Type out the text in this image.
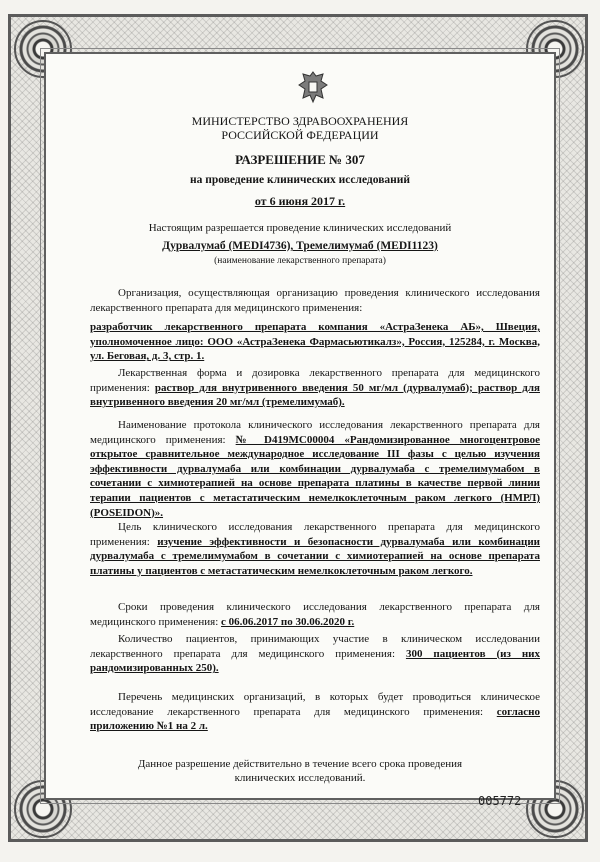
МИНИСТЕРСТВО ЗДРАВООХРАНЕНИЯ
РОССИЙСКОЙ ФЕДЕРАЦИИ
РАЗРЕШЕНИЕ № 307
на проведение клинических исследований
от 6 июня 2017 г.
Настоящим разрешается проведение клинических исследований
Дурвалумаб (MEDI4736), Тремелимумаб (MEDI1123)
(наименование лекарственного препарата)
Организация, осуществляющая организацию проведения клинического исследования лекарственного препарата для медицинского применения:
разработчик лекарственного препарата компания «АстраЗенека АБ», Швеция, уполномоченное лицо: ООО «АстраЗенека Фармасьютикалз», Россия, 125284, г. Москва, ул. Беговая, д. 3, стр. 1.
Лекарственная форма и дозировка лекарственного препарата для медицинского применения: раствор для внутривенного введения 50 мг/мл (дурвалумаб); раствор для внутривенного введения 20 мг/мл (тремелимумаб).
Наименование протокола клинического исследования лекарственного препарата для медицинского применения: № D419MC00004 «Рандомизированное многоцентровое открытое сравнительное международное исследование III фазы с целью изучения эффективности дурвалумаба или комбинации дурвалумаба с тремелимумабом в сочетании с химиотерапией на основе препарата платины в качестве первой линии терапии пациентов с метастатическим немелкоклеточным раком легкого (НМРЛ) (POSEIDON)».
Цель клинического исследования лекарственного препарата для медицинского применения: изучение эффективности и безопасности дурвалумаба или комбинации дурвалумаба с тремелимумабом в сочетании с химиотерапией на основе препарата платины у пациентов с метастатическим немелкоклеточным раком легкого.
Сроки проведения клинического исследования лекарственного препарата для медицинского применения: с 06.06.2017 по 30.06.2020 г.
Количество пациентов, принимающих участие в клиническом исследовании лекарственного препарата для медицинского применения: 300 пациентов (из них рандомизированных 250).
Перечень медицинских организаций, в которых будет проводиться клиническое исследование лекарственного препарата для медицинского применения: согласно приложению №1 на 2 л.
Данное разрешение действительно в течение всего срока проведения
клинических исследований.
005772
